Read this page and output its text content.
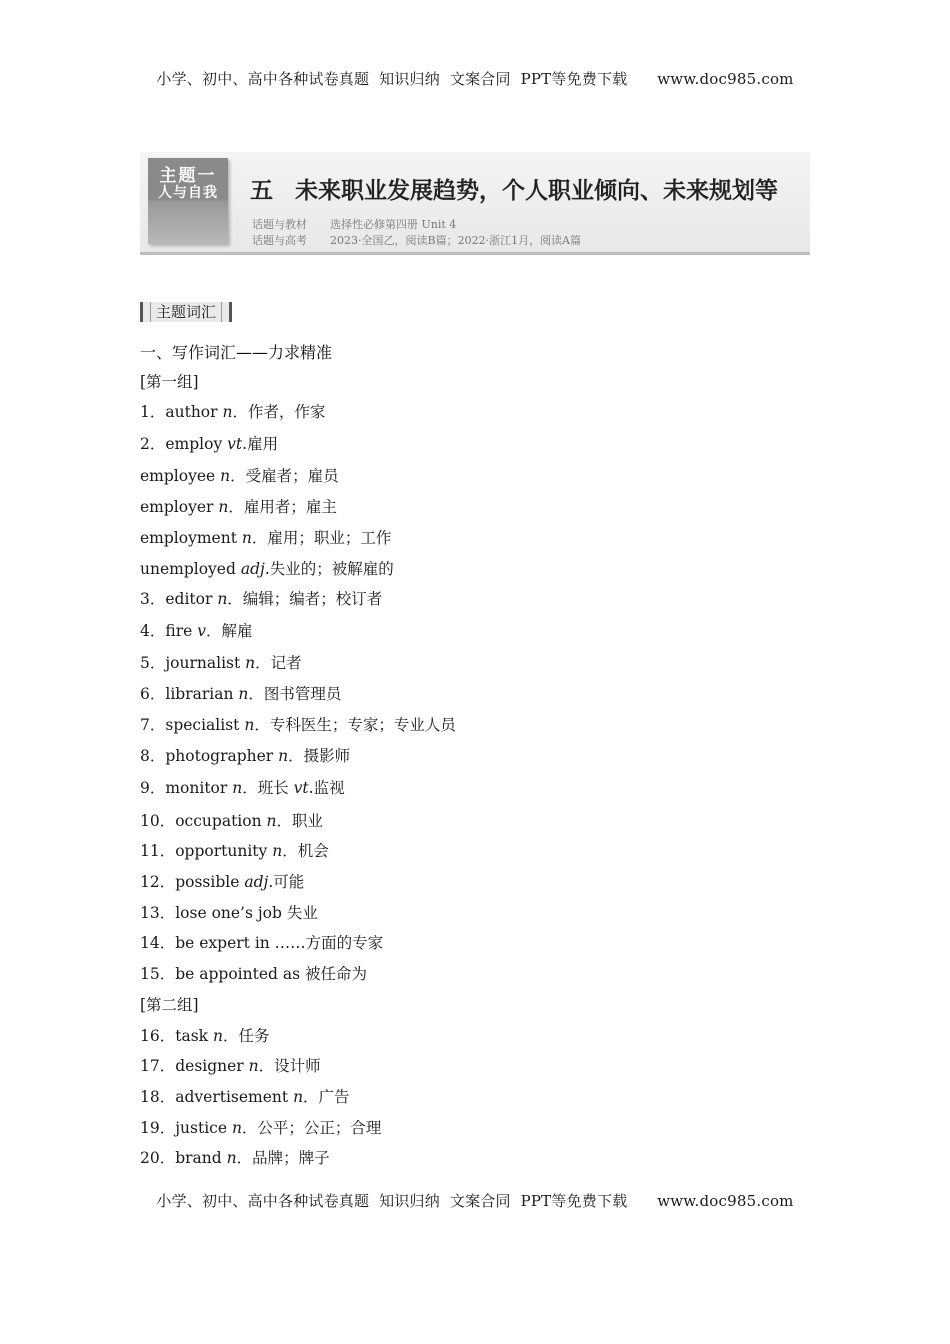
小学、初中、高中各种试卷真题  知识归纳  文案合同  PPT等免费下载      www.doc985.com
主题一
人与自我	五 未来职业发展趋势，个人职业倾向、未来规划等
话题与教材 选择性必修第四册 Unit 4
话题与高考 2023·全国乙，阅读B篇；2022·浙江1月，阅读A篇
主题词汇
一、写作词汇——力求精准
[第一组]
1．author n．作者，作家
2．employ vt.雇用
employee n．受雇者；雇员
employer n．雇用者；雇主
employment n．雇用；职业；工作
unemployed adj.失业的；被解雇的
3．editor n．编辑；编者；校订者
4．fire v．解雇
5．journalist n．记者
6．librarian n．图书管理员
7．specialist n．专科医生；专家；专业人员
8．photographer n．摄影师
9．monitor n．班长 vt.监视
10．occupation n．职业
11．opportunity n．机会
12．possible adj.可能
13．lose one’s job 失业
14．be expert in ……方面的专家
15．be appointed as 被任命为
[第二组]
16．task n．任务
17．designer n．设计师
18．advertisement n．广告
19．justice n．公平；公正；合理
20．brand n．品牌；牌子
小学、初中、高中各种试卷真题  知识归纳  文案合同  PPT等免费下载      www.doc985.com
